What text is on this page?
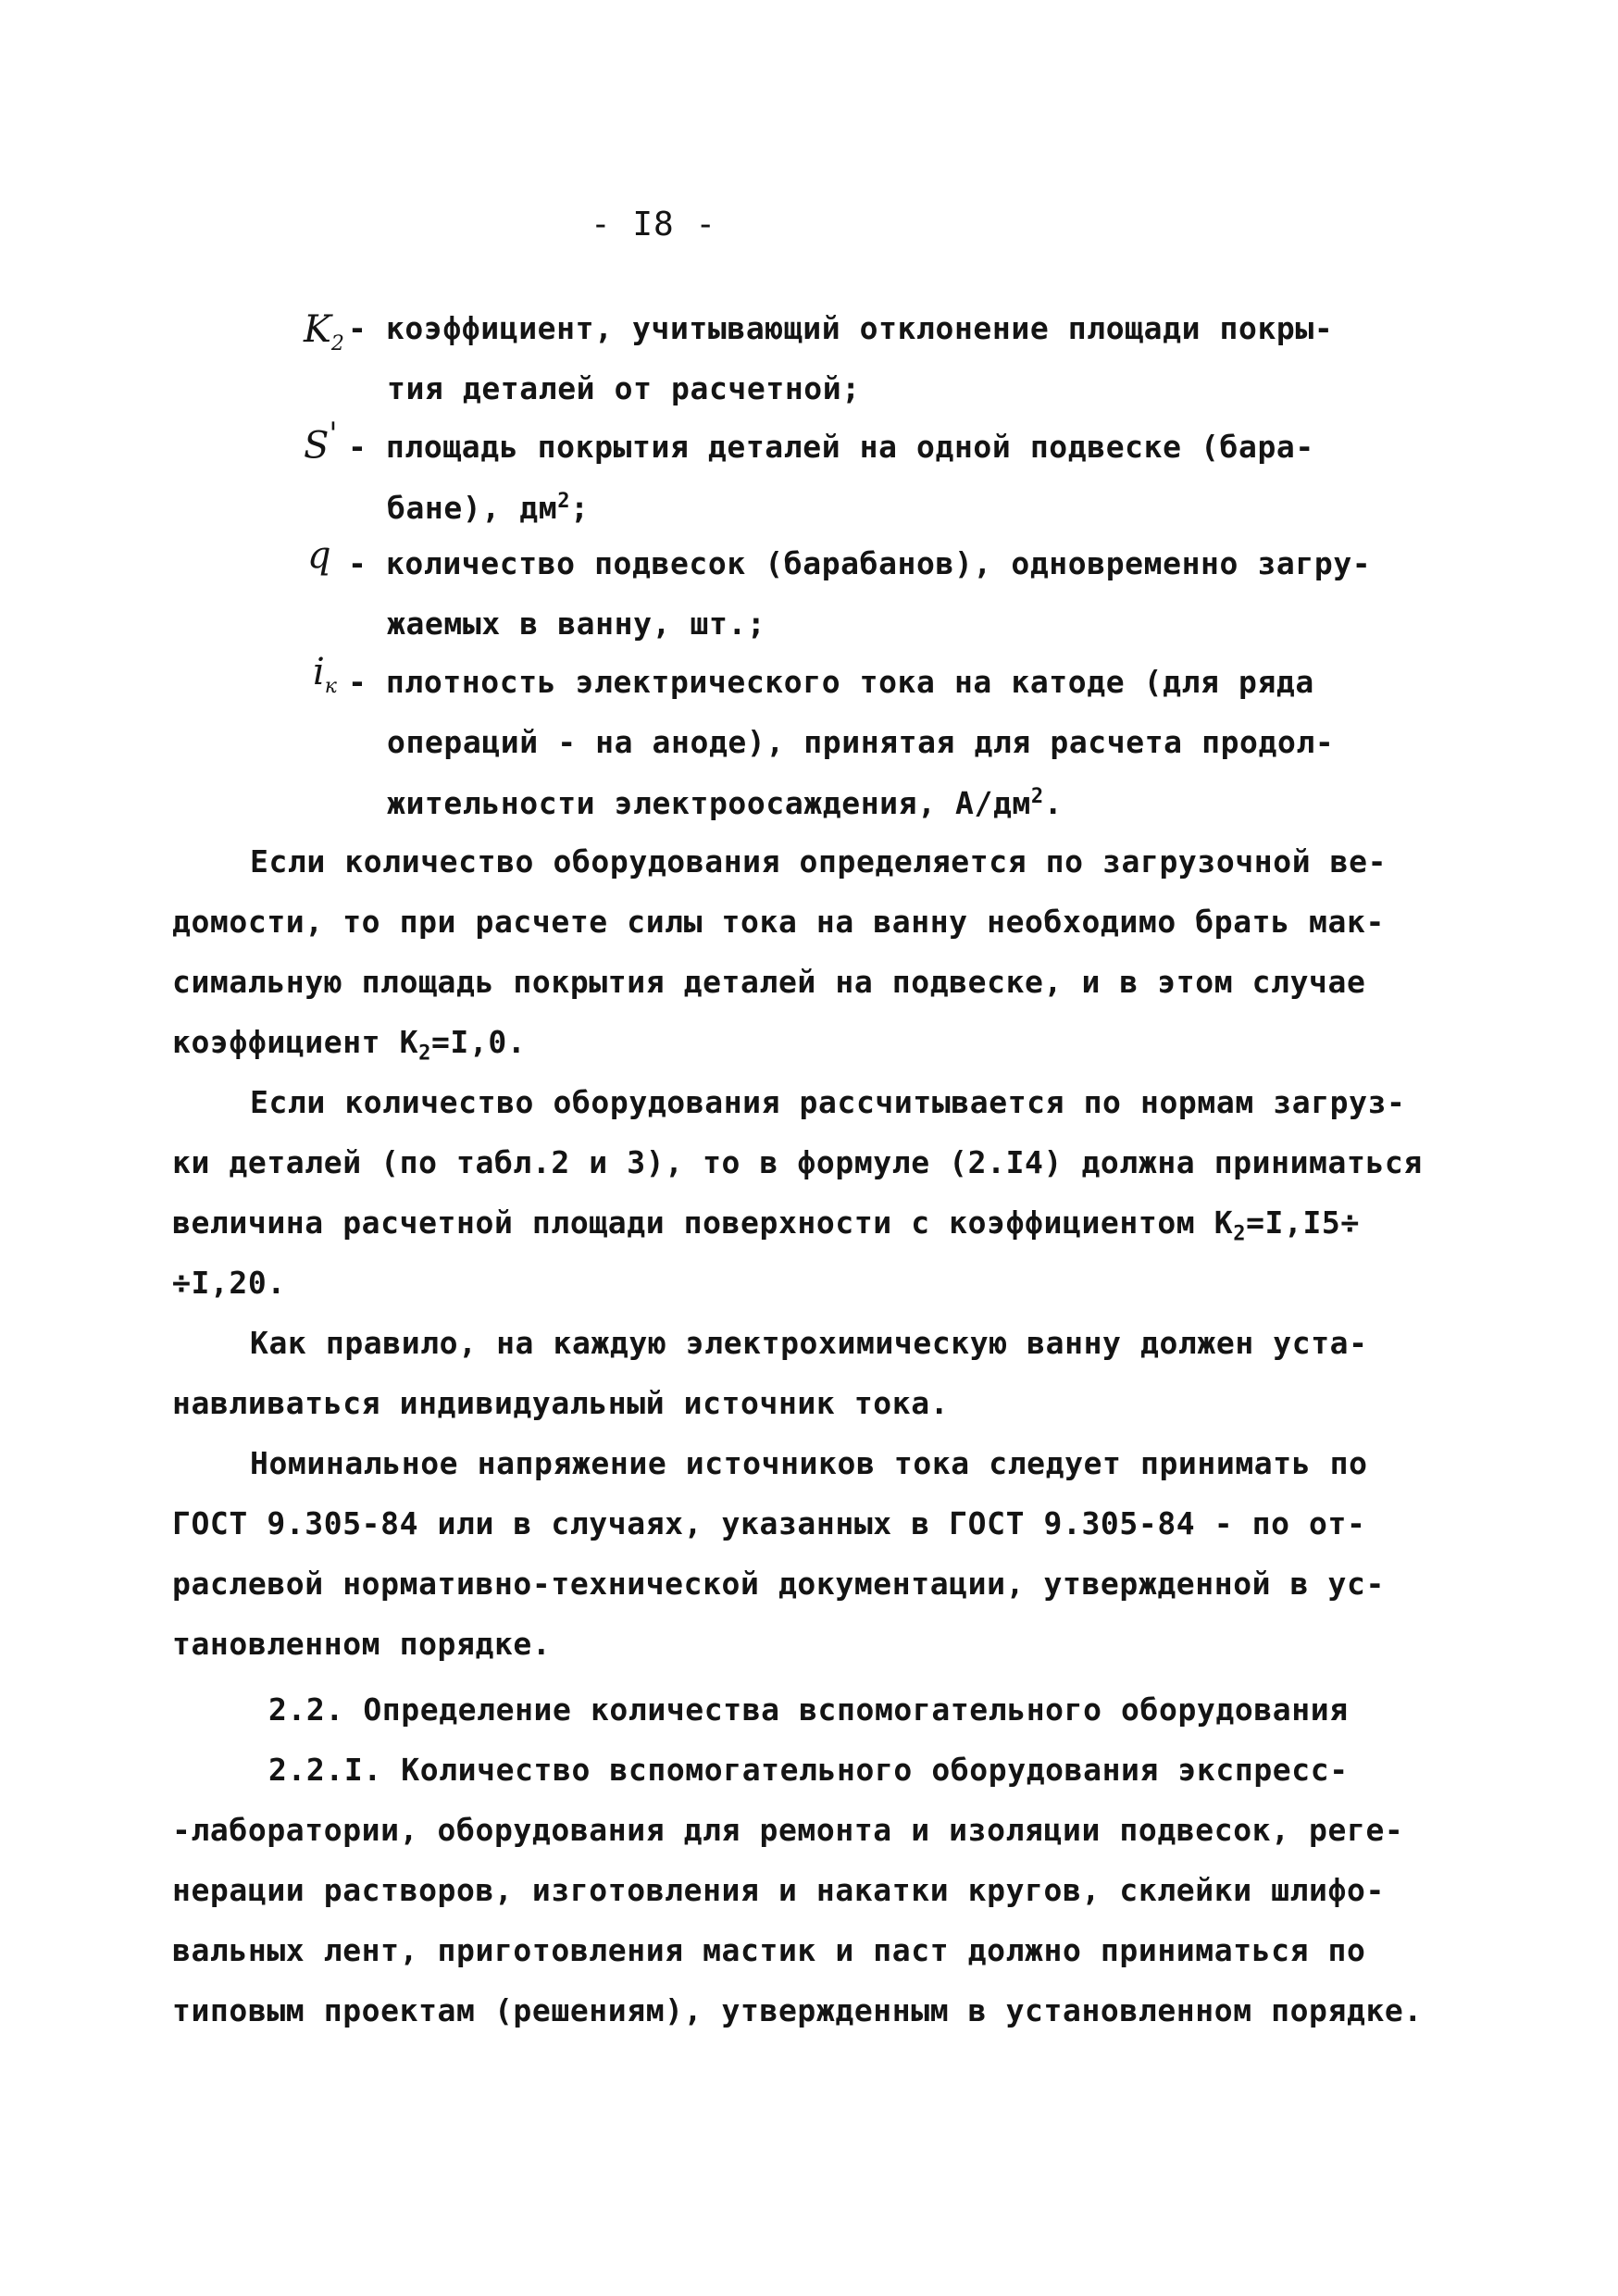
- I8 -
$K_2$ - коэффициент, учитывающий отклонение площади покры-
тия деталей от расчетной;
S' - площадь покрытия деталей на одной подвеске (бара-
бане), $дм^2$;
q - количество подвесок (барабанов), одновременно загру-
жаемых в ванну, шт.;
$i_к$ - плотность электрического тока на катоде (для ряда
операций - на аноде), принятая для расчета продол-
жительности электроосаждения, $А/дм^2$.
Если количество оборудования определяется по загрузочной ве-
домости, то при расчете силы тока на ванну необходимо брать мак-
симальную площадь покрытия деталей на подвеске, и в этом случае
коэффициент $К_2=I,0$.
Если количество оборудования рассчитывается по нормам загруз-
ки деталей (по табл.2 и 3), то в формуле (2.I4) должна приниматься
величина расчетной площади поверхности с коэффициентом $К_2=I,I5\div$
÷I,20.
Как правило, на каждую электрохимическую ванну должен уста-
навливаться индивидуальный источник тока.
Номинальное напряжение источников тока следует принимать по
ГОСТ 9.305-84 или в случаях, указанных в ГОСТ 9.305-84 - по от-
раслевой нормативно-технической документации, утвержденной в ус-
тановленном порядке.
2.2. Определение количества вспомогательного оборудования
2.2.I. Количество вспомогательного оборудования экспресс-
-лаборатории, оборудования для ремонта и изоляции подвесок, реге-
нерации растворов, изготовления и накатки кругов, склейки шлифо-
вальных лент, приготовления мастик и паст должно приниматься по
типовым проектам (решениям), утвержденным в установленном порядке.
